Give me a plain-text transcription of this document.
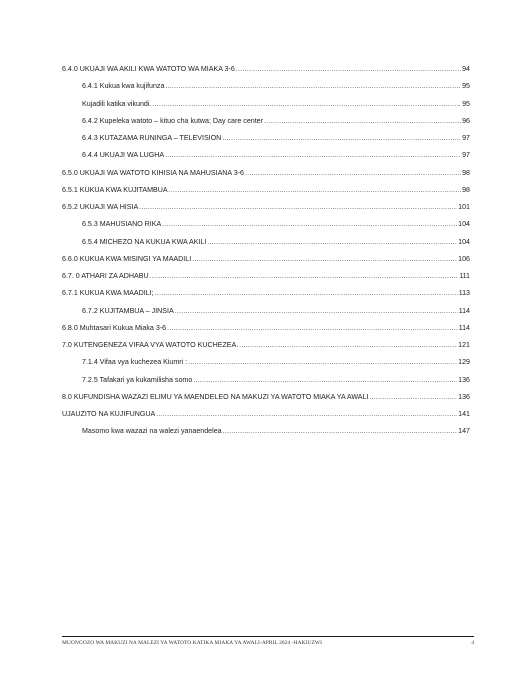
6.4.0 UKUAJI WA AKILI KWA WATOTO WA MIAKA 3-6 .....	94
6.4.1 Kukua kwa kujifunza .....	95
Kujadili katika vikundi. .....	95
6.4.2 Kupeleka watoto – kituo cha kutwa; Day care center .....	96
6.4.3 KUTAZAMA RUNINGA – TELEVISION .....	97
6.4.4 UKUAJI WA LUGHA .....	97
6.5.0 UKUAJI WA WATOTO KIHISIA NA MAHUSIANA 3-6 .....	98
6.5.1 KUKUA KWA KUJITAMBUA .....	98
6.5.2 UKUAJI WA HISIA .....	101
6.5.3 MAHUSIANO RIKA .....	104
6.5.4 MICHEZO NA KUKUA KWA AKILI .....	104
6.6.0 KUKUA KWA MISINGI YA MAADILI .....	106
6.7. 0 ATHARI ZA ADHABU .....	111
6.7.1 KUKUA KWA MAADILI; .....	113
6.7.2 KUJITAMBUA – JINSIA .....	114
6.8.0 Muhtasari Kukua Miaka 3-6 .....	114
7.0 KUTENGENEZA VIFAA VYA WATOTO KUCHEZEA. .....	121
7.1.4 Vifaa vya kuchezea Kiumri : .....	129
7.2.5 Tafakari ya kukamilisha somo .....	136
8.0 KUFUNDISHA WAZAZI ELIMU YA MAENDELEO NA MAKUZI YA WATOTO MIAKA YA AWALI .....	136
UJAUZITO NA KUJIFUNGUA .....	141
Masomo kwa wazazi na walezi yanaendelea .....	147
MUONGOZO WA MAKUZI NA MALEZI YA WATOTO KATIKA MIAKA YA AWALI-APRIL 2024 -HAKIUZWI	4
